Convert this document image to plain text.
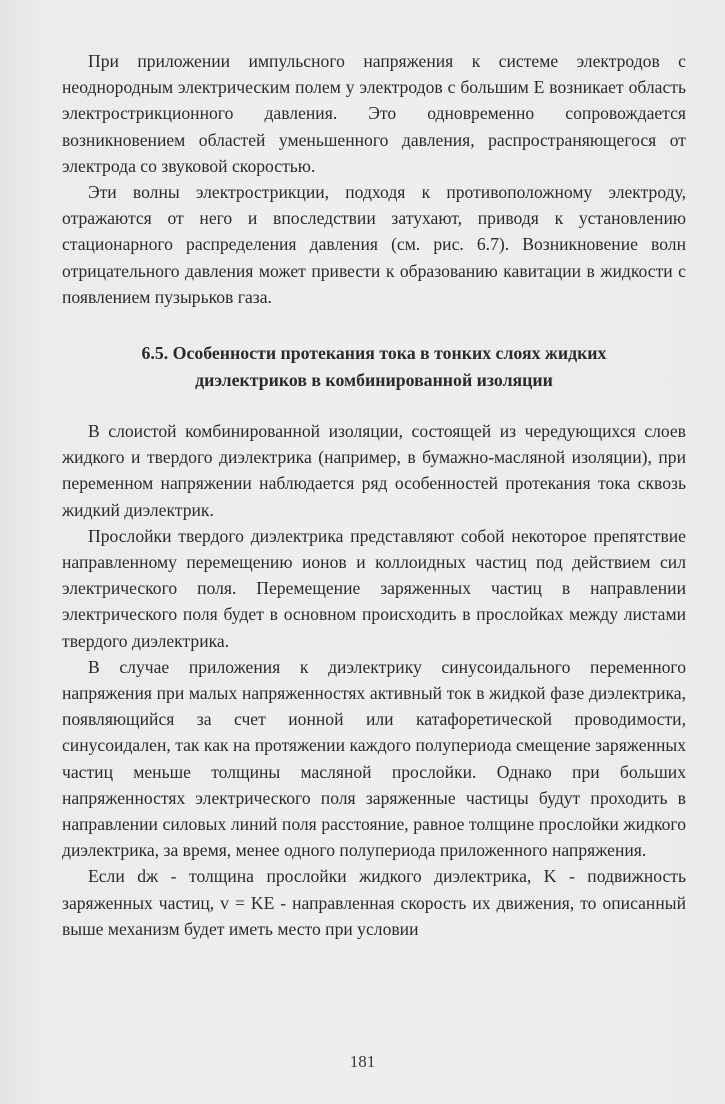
При приложении импульсного напряжения к системе электродов с неоднородным электрическим полем у электродов с большим E возникает область электрострикционного давления. Это одновременно сопровождается возникновением областей уменьшенного давления, распространяющегося от электрода со звуковой скоростью.

Эти волны электрострикции, подходя к противоположному электроду, отражаются от него и впоследствии затухают, приводя к установлению стационарного распределения давления (см. рис. 6.7). Возникновение волн отрицательного давления может привести к образованию кавитации в жидкости с появлением пузырьков газа.

6.5. Особенности протекания тока в тонких слоях жидких
диэлектриков в комбинированной изоляции

В слоистой комбинированной изоляции, состоящей из чередующихся слоев жидкого и твердого диэлектрика (например, в бумажно-масляной изоляции), при переменном напряжении наблюдается ряд особенностей протекания тока сквозь жидкий диэлектрик.

Прослойки твердого диэлектрика представляют собой некоторое препятствие направленному перемещению ионов и коллоидных частиц под действием сил электрического поля. Перемещение заряженных частиц в направлении электрического поля будет в основном происходить в прослойках между листами твердого диэлектрика.

В случае приложения к диэлектрику синусоидального переменного напряжения при малых напряженностях активный ток в жидкой фазе диэлектрика, появляющийся за счет ионной или катафоретической проводимости, синусоидален, так как на протяжении каждого полупериода смещение заряженных частиц меньше толщины масляной прослойки. Однако при больших напряженностях электрического поля заряженные частицы будут проходить в направлении силовых линий поля расстояние, равное толщине прослойки жидкого диэлектрика, за время, менее одного полупериода приложенного напряжения.

Если dж - толщина прослойки жидкого диэлектрика, K - подвижность заряженных частиц, v = KE - направленная скорость их движения, то описанный выше механизм будет иметь место при условии

181
